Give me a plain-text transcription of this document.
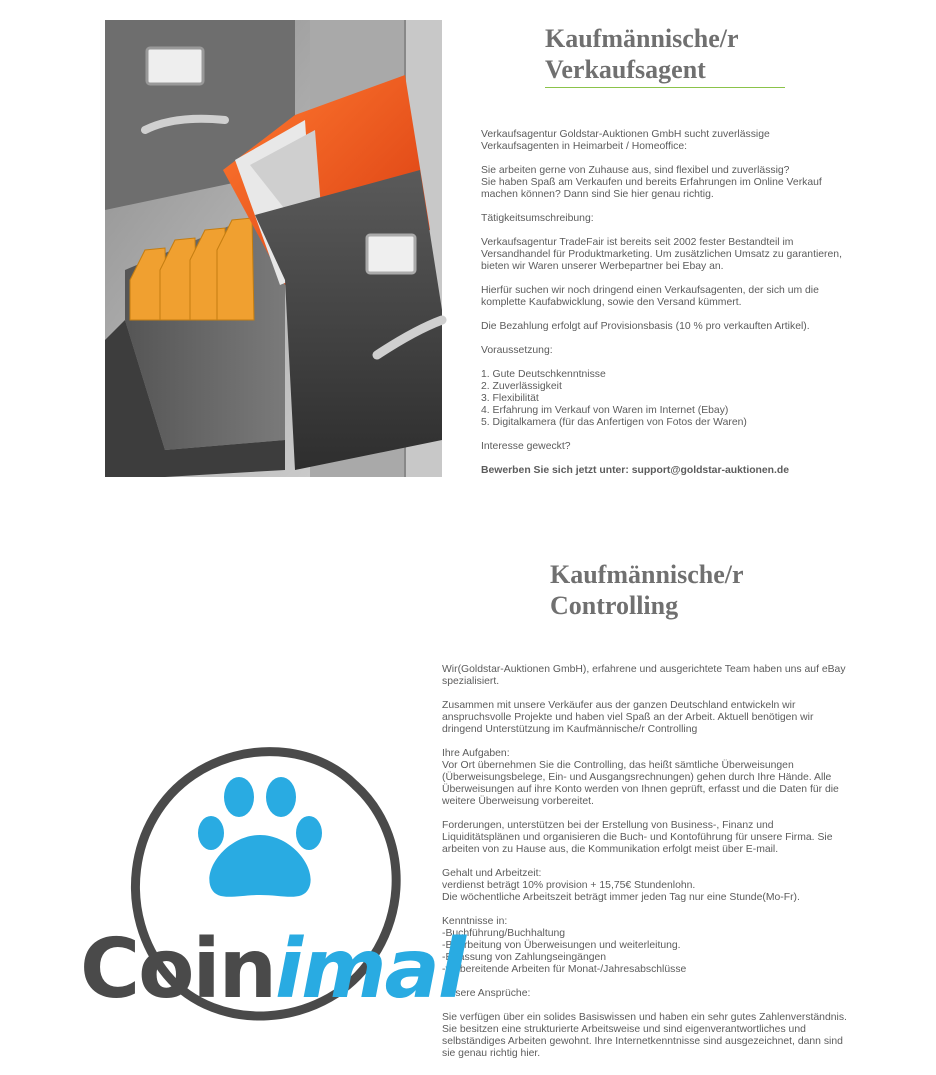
Kaufmännische/r
Verkaufsagent

Verkaufsagentur Goldstar-Auktionen GmbH sucht zuverlässige
Verkaufsagenten in Heimarbeit / Homeoffice:

Sie arbeiten gerne von Zuhause aus, sind flexibel und zuverlässig?
Sie haben Spaß am Verkaufen und bereits Erfahrungen im Online Verkauf
machen können? Dann sind Sie hier genau richtig.

Tätigkeitsumschreibung:

Verkaufsagentur TradeFair ist bereits seit 2002 fester Bestandteil im
Versandhandel für Produktmarketing. Um zusätzlichen Umsatz zu garantieren,
bieten wir Waren unserer Werbepartner bei Ebay an.

Hierfür suchen wir noch dringend einen Verkaufsagenten, der sich um die
komplette Kaufabwicklung, sowie den Versand kümmert.

Die Bezahlung erfolgt auf Provisionsbasis (10 % pro verkauften Artikel).

Voraussetzung:

1. Gute Deutschkenntnisse
2. Zuverlässigkeit
3. Flexibilität
4. Erfahrung im Verkauf von Waren im Internet (Ebay)
5. Digitalkamera (für das Anfertigen von Fotos der Waren)

Interesse geweckt?

Bewerben Sie sich jetzt unter: support@goldstar-auktionen.de

Kaufmännische/r
Controlling

Wir(Goldstar-Auktionen GmbH), erfahrene und ausgerichtete Team haben uns auf eBay
spezialisiert.

Zusammen mit unsere Verkäufer aus der ganzen Deutschland entwickeln wir
anspruchsvolle Projekte und haben viel Spaß an der Arbeit. Aktuell benötigen wir
dringend Unterstützung im Kaufmännische/r Controlling

Ihre Aufgaben:
Vor Ort übernehmen Sie die Controlling, das heißt sämtliche Überweisungen
(Überweisungsbelege, Ein- und Ausgangsrechnungen) gehen durch Ihre Hände. Alle
Überweisungen auf ihre Konto werden von Ihnen geprüft, erfasst und die Daten für die
weitere Überweisung vorbereitet.

Forderungen, unterstützen bei der Erstellung von Business-, Finanz und
Liquiditätsplänen und organisieren die Buch- und Kontoführung für unsere Firma. Sie
arbeiten von zu Hause aus, die Kommunikation erfolgt meist über E-mail.

Gehalt und Arbeitzeit:
verdienst beträgt 10% provision + 15,75€ Stundenlohn.
Die wöchentliche Arbeitszeit beträgt immer jeden Tag nur eine Stunde(Mo-Fr).

Kenntnisse in:
-Buchführung/Buchhaltung
-Bearbeitung von Überweisungen und weiterleitung.
-Erfassung von Zahlungseingängen
-vorbereitende Arbeiten für Monat-/Jahresabschlüsse

Unsere Ansprüche:

Sie verfügen über ein solides Basiswissen und haben ein sehr gutes Zahlenverständnis.
Sie besitzen eine strukturierte Arbeitsweise und sind eigenverantwortliches und
selbständiges Arbeiten gewohnt. Ihre Internetkenntnisse sind ausgezeichnet, dann sind
sie genau richtig hier.

Coinimal
